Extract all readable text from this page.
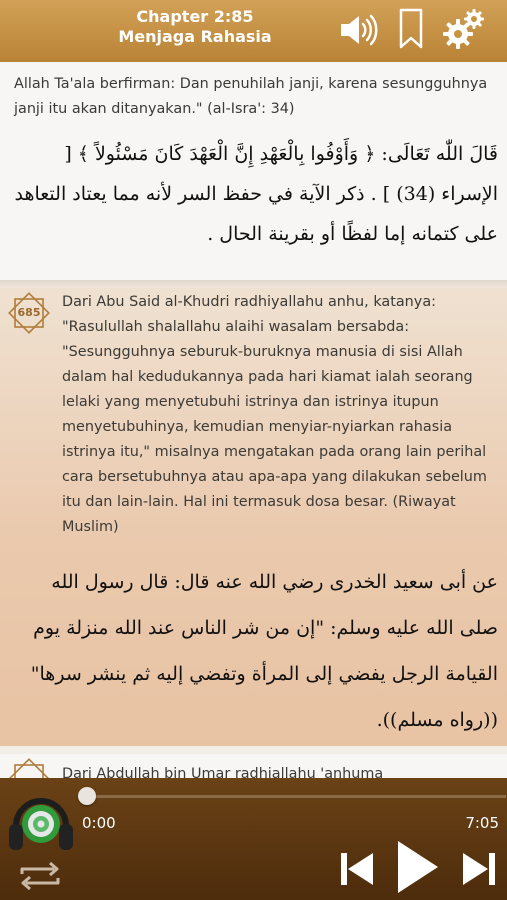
Chapter 2:85
Menjaga Rahasia
Allah Ta'ala berfirman: Dan penuhilah janji, karena sesungguhnya janji itu akan ditanyakan." (al-Isra': 34)
قَالَ اللّٰه تَعَالَى: ﴿ وَأَوْفُوا بِالْعَهْدِ إِنَّ الْعَهْدَ كَانَ مَسْئُولاً ﴾ [ الإسراء (34) ] . ذكر الآية في حفظ السر لأنه مما يعتاد التعاهد على كتمانه إما لفظًا أو بقرينة الحال .
685
Dari Abu Said al-Khudri radhiyallahu anhu, katanya: "Rasulullah shalallahu alaihi wasalam bersabda: "Sesungguhnya seburuk-buruknya manusia di sisi Allah dalam hal kedudukannya pada hari kiamat ialah seorang lelaki yang menyetubuhi istrinya dan istrinya itupun menyetubuhinya, kemudian menyiar-nyiarkan rahasia istrinya itu," misalnya mengatakan pada orang lain perihal cara bersetubuhnya atau apa-apa yang dilakukan sebelum itu dan lain-lain. Hal ini termasuk dosa besar. (Riwayat Muslim)
عن أبى سعيد الخدرى رضي الله عنه قال: قال رسول الله صلى الله عليه وسلم: "إن من شر الناس عند الله منزلة يوم القيامة الرجل يفضي إلى المرأة وتفضي إليه ثم ينشر سرها" ((رواه مسلم)).
Dari Abdullah bin Umar radhiallahu 'anhuma
0:00	7:05
